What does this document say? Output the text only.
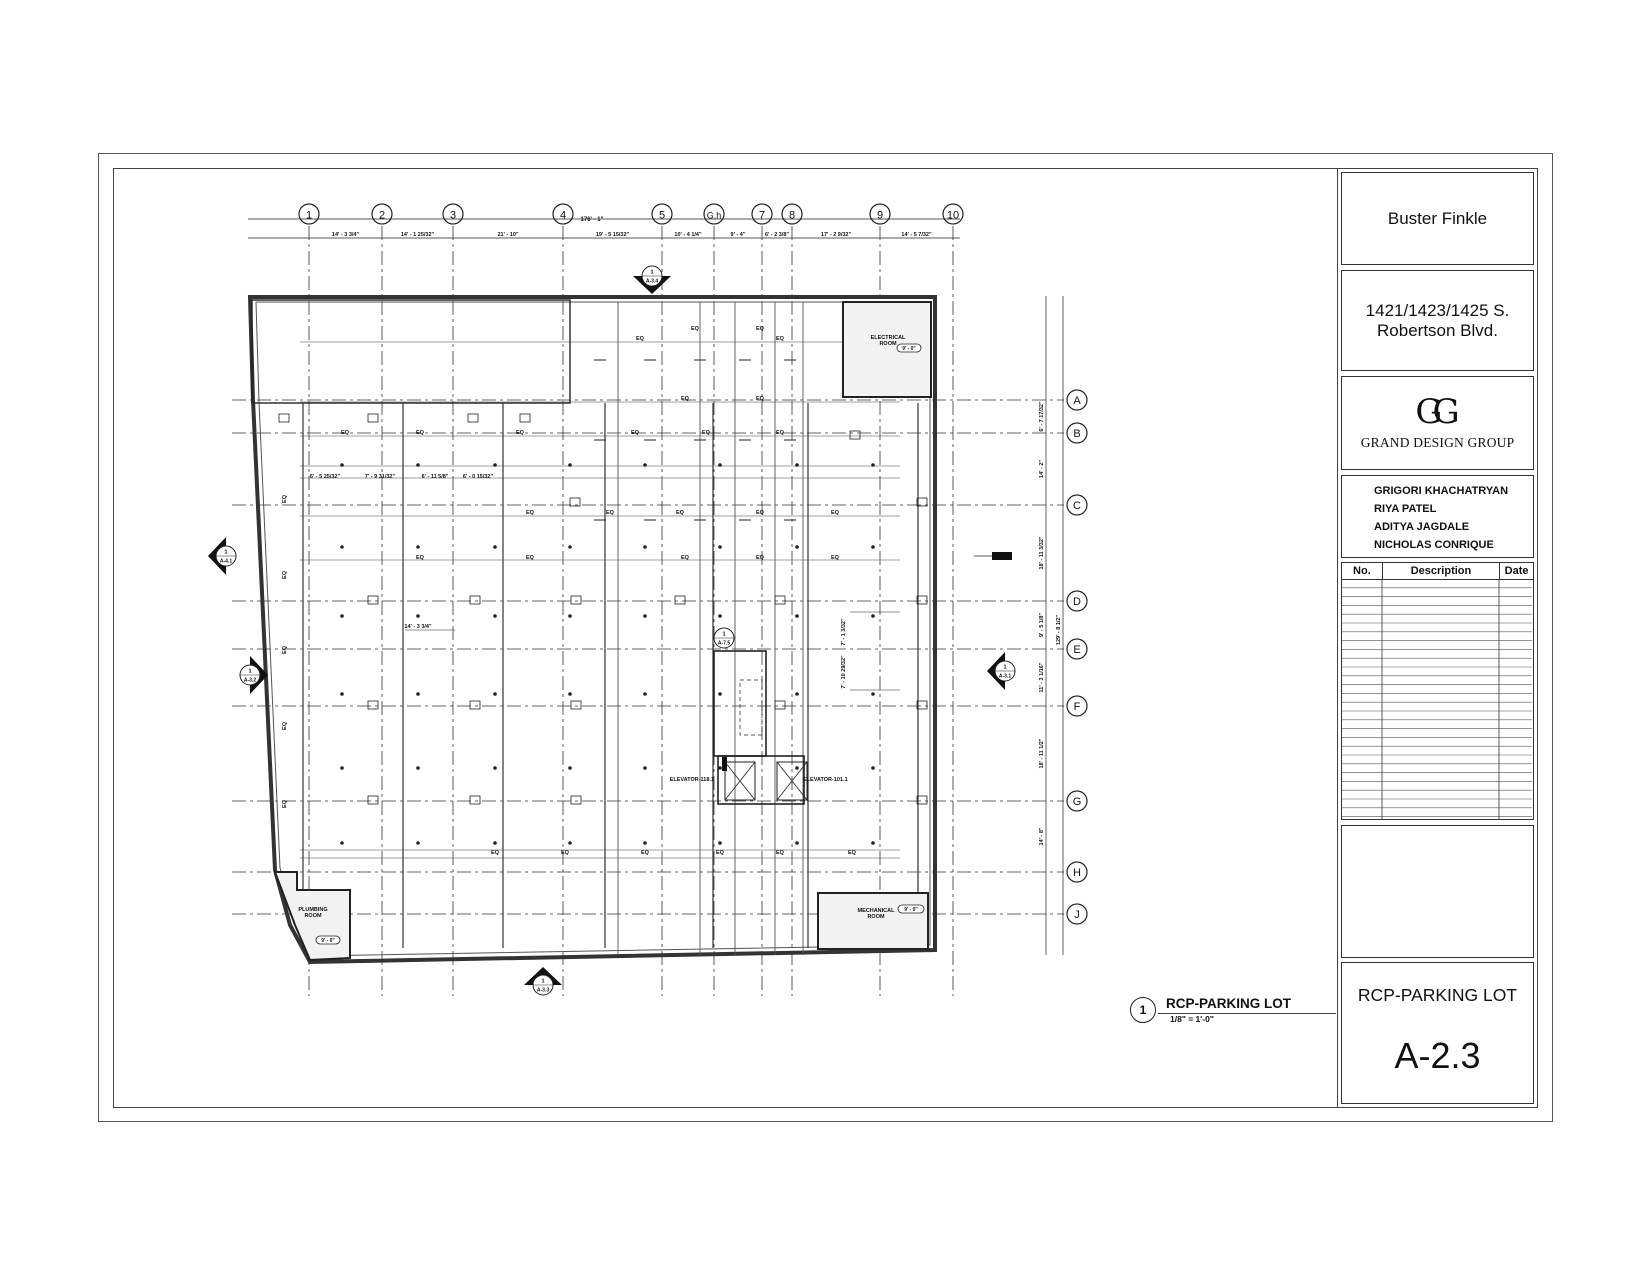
1	2	3	4	5	G.h	7 8	9	10
A
B
C
D
E
F
G
H
J
176' - 1"
14' - 3 3/4"	14' - 1 25/32"	21' - 10"	19' - 5 15/32"	10' - 4 1/4"	9' - 4"	6' - 2 3/8"	17' - 2 9/32"	14' - 5 7/32"
6' - 7 17/32"
14' - 2"
18' - 11 3/32"
9' - 5 1/8"
11' - 3 1/16"
18' - 11 1/2"
14' - 8"
129' - 8 1/2"
EQ
EQ	EQ
EQ
EQ	EQ
EQ	EQ	EQ	EQ	EQ	EQ
EQ	EQ	EQ	EQ	EQ
EQ	EQ	EQ	EQ	EQ
EQ	EQ	EQ	EQ	EQ	EQ
EQ
EQ
EQ
EQ
EQ
6' - 5 25/32"	7' - 9 31/32"	6' - 11 5/8"	6' - 0 15/32"
14' - 3 3/4"	7' - 1 3/32"
7' - 10 29/32"
ELECTRICAL
ROOM
9' - 0"
MECHANICAL
ROOM
9' - 0"
PLUMBING
ROOM
9' - 0"
ELEVATOR-118.1	ELEVATOR-101.1
1
A-3.4
1
A-4.1
1
A-3.2
1
A-3.1
1
A-3.3
1
A-7.5
Buster Finkle
1421/1423/1425 S.
Robertson Blvd.
GG
GRAND DESIGN GROUP
GRIGORI KHACHATRYAN
RIYA PATEL
ADITYA JAGDALE
NICHOLAS CONRIQUE
No.	Description	Date
RCP-PARKING LOT
A-2.3
1	RCP-PARKING LOT
1/8" = 1'-0"
